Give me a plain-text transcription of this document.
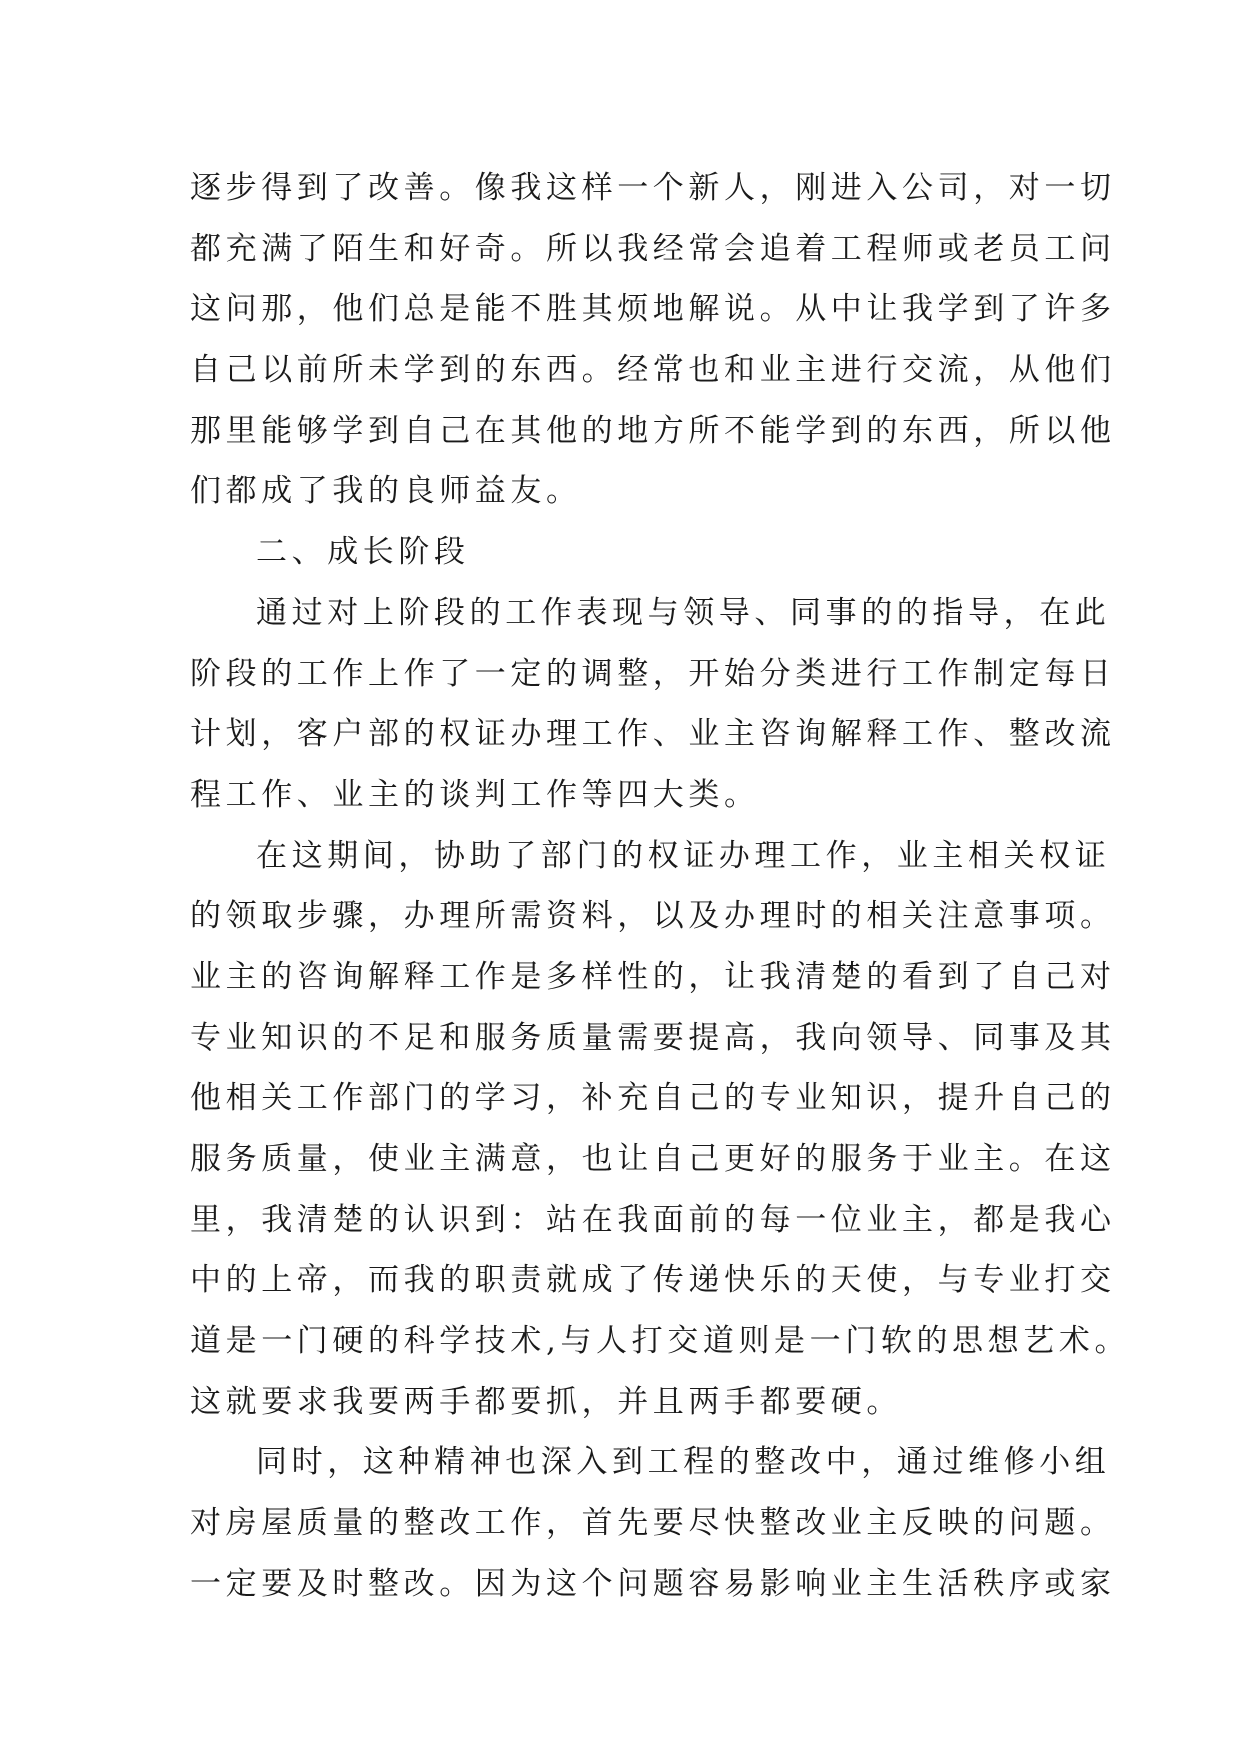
逐步得到了改善。像我这样一个新人，刚进入公司，对一切
都充满了陌生和好奇。所以我经常会追着工程师或老员工问
这问那，他们总是能不胜其烦地解说。从中让我学到了许多
自己以前所未学到的东西。经常也和业主进行交流，从他们
那里能够学到自己在其他的地方所不能学到的东西，所以他
们都成了我的良师益友。
二、成长阶段
通过对上阶段的工作表现与领导、同事的的指导，在此
阶段的工作上作了一定的调整，开始分类进行工作制定每日
计划，客户部的权证办理工作、业主咨询解释工作、整改流
程工作、业主的谈判工作等四大类。
在这期间，协助了部门的权证办理工作，业主相关权证
的领取步骤，办理所需资料，以及办理时的相关注意事项。
业主的咨询解释工作是多样性的，让我清楚的看到了自己对
专业知识的不足和服务质量需要提高，我向领导、同事及其
他相关工作部门的学习，补充自己的专业知识，提升自己的
服务质量，使业主满意，也让自己更好的服务于业主。在这
里，我清楚的认识到：站在我面前的每一位业主，都是我心
中的上帝，而我的职责就成了传递快乐的天使，与专业打交
道是一门硬的科学技术,与人打交道则是一门软的思想艺术。
这就要求我要两手都要抓，并且两手都要硬。
同时，这种精神也深入到工程的整改中，通过维修小组
对房屋质量的整改工作，首先要尽快整改业主反映的问题。
一定要及时整改。因为这个问题容易影响业主生活秩序或家
